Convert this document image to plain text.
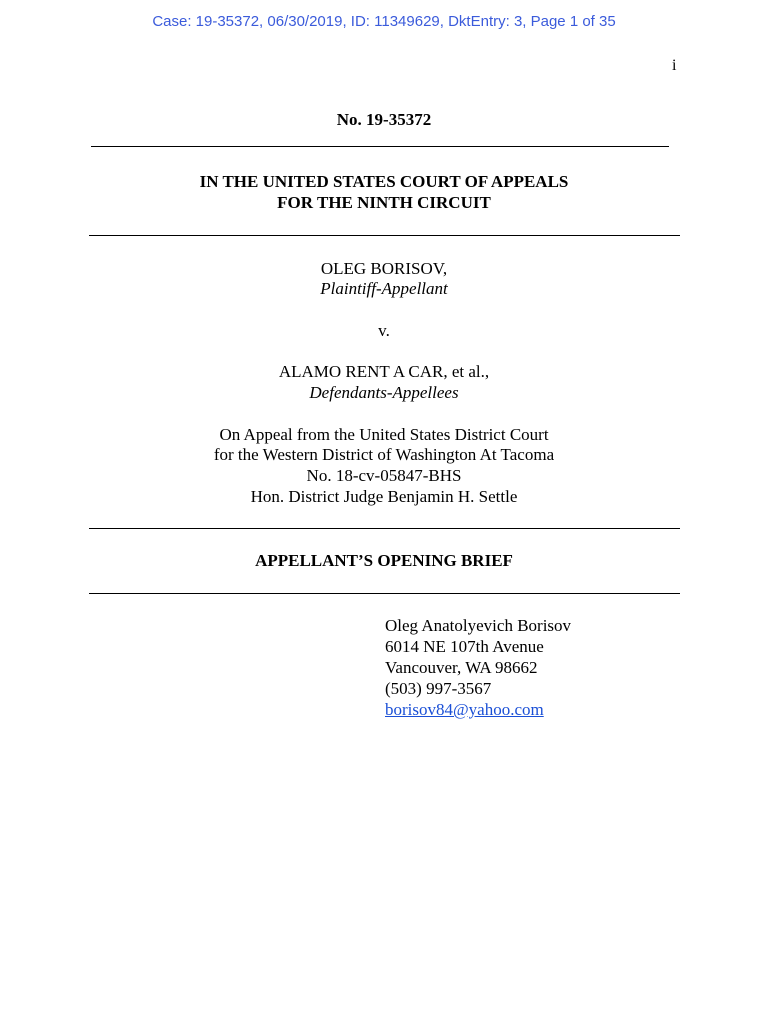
Case: 19-35372, 06/30/2019, ID: 11349629, DktEntry: 3, Page 1 of 35
i
No. 19-35372
IN THE UNITED STATES COURT OF APPEALS
FOR THE NINTH CIRCUIT
OLEG BORISOV,
Plaintiff-Appellant
v.
ALAMO RENT A CAR, et al.,
Defendants-Appellees
On Appeal from the United States District Court
for the Western District of Washington At Tacoma
No. 18-cv-05847-BHS
Hon. District Judge Benjamin H. Settle
APPELLANT’S OPENING BRIEF
Oleg Anatolyevich Borisov
6014 NE 107th Avenue
Vancouver, WA 98662
(503) 997-3567
borisov84@yahoo.com
